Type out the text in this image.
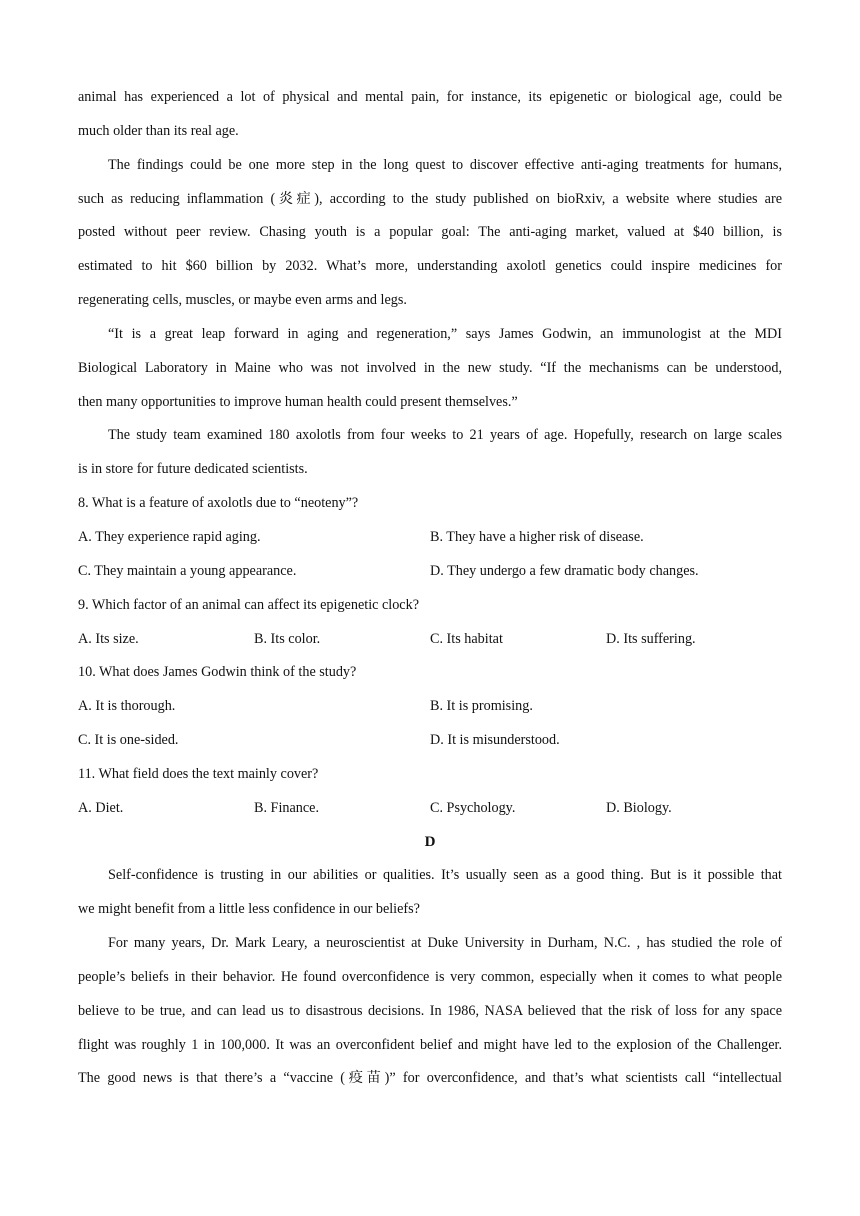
animal has experienced a lot of physical and mental pain, for instance, its epigenetic or biological age, could be
much older than its real age.
The findings could be one more step in the long quest to discover effective anti-aging treatments for humans,
such as reducing inflammation (炎症), according to the study published on bioRxiv, a website where studies are
posted without peer review. Chasing youth is a popular goal: The anti-aging market, valued at $40 billion, is
estimated to hit $60 billion by 2032. What’s more, understanding axolotl genetics could inspire medicines for
regenerating cells, muscles, or maybe even arms and legs.
“It is a great leap forward in aging and regeneration,” says James Godwin, an immunologist at the MDI
Biological Laboratory in Maine who was not involved in the new study. “If the mechanisms can be understood,
then many opportunities to improve human health could present themselves.”
The study team examined 180 axolotls from four weeks to 21 years of age. Hopefully, research on large scales
is in store for future dedicated scientists.
8. What is a feature of axolotls due to “neoteny”?
A. They experience rapid aging.	B. They have a higher risk of disease.
C. They maintain a young appearance.	D. They undergo a few dramatic body changes.
9. Which factor of an animal can affect its epigenetic clock?
A. Its size.	B. Its color.	C. Its habitat	D. Its suffering.
10. What does James Godwin think of the study?
A. It is thorough.	B. It is promising.
C. It is one-sided.	D. It is misunderstood.
11. What field does the text mainly cover?
A. Diet.	B. Finance.	C. Psychology.	D. Biology.
D
Self-confidence is trusting in our abilities or qualities. It’s usually seen as a good thing. But is it possible that
we might benefit from a little less confidence in our beliefs?
For many years, Dr. Mark Leary, a neuroscientist at Duke University in Durham, N.C. , has studied the role of
people’s beliefs in their behavior. He found overconfidence is very common, especially when it comes to what people
believe to be true, and can lead us to disastrous decisions. In 1986, NASA believed that the risk of loss for any space
flight was roughly 1 in 100,000. It was an overconfident belief and might have led to the explosion of the Challenger.
The good news is that there’s a “vaccine (疫苗)” for overconfidence, and that’s what scientists call “intellectual
